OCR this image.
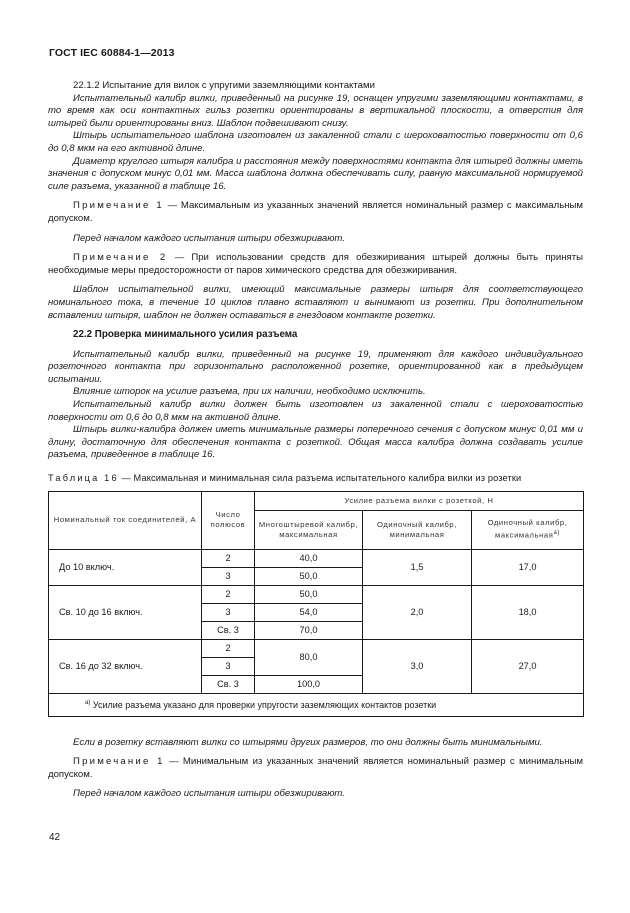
ГОСТ IEC 60884-1—2013

22.1.2 Испытание для вилок с упругими заземляющими контактами

Испытательный калибр вилки, приведенный на рисунке 19, оснащен упругими заземляющими контактами, в то время как оси контактных гильз розетки ориентированы в вертикальной плоскости, а отверстия для штырей были ориентированы вниз. Шаблон подвешивают снизу.

Штырь испытательного шаблона изготовлен из закаленной стали с шероховатостью поверхности от 0,6 до 0,8 мкм на его активной длине.

Диаметр круглого штыря калибра и расстояния между поверхностями контакта для штырей должны иметь значения с допуском минус 0,01 мм. Масса шаблона должна обеспечивать силу, равную максимальной нормируемой силе разъема, указанной в таблице 16.

Примечание 1 — Максимальным из указанных значений является номинальный размер с максимальным допуском.

Перед началом каждого испытания штыри обезжиривают.

Примечание 2 — При использовании средств для обезжиривания штырей должны быть приняты необходимые меры предосторожности от паров химического средства для обезжиривания.

Шаблон испытательной вилки, имеющий максимальные размеры штыря для соответствующего номинального тока, в течение 10 циклов плавно вставляют и вынимают из розетки. При дополнительном вставлении штыря, шаблон не должен оставаться в гнездовом контакте розетки.

22.2 Проверка минимального усилия разъема

Испытательный калибр вилки, приведенный на рисунке 19, применяют для каждого индивидуального розеточного контакта при горизонтально расположенной розетке, ориентированной как в предыдущем испытании.

Влияние шторок на усилие разъема, при их наличии, необходимо исключить.

Испытательный калибр вилки должен быть изготовлен из закаленной стали с шероховатостью поверхности от 0,6 до 0,8 мкм на активной длине.

Штырь вилки-калибра должен иметь минимальные размеры поперечного сечения с допуском минус 0,01 мм и длину, достаточную для обеспечения контакта с розеткой. Общая масса калибра должна создавать усилие разъема, приведенное в таблице 16.

Таблица 16 — Максимальная и минимальная сила разъема испытательного калибра вилки из розетки

Номинальный ток соединителей, А	Число полюсов	Усилие разъема вилки с розеткой, Н		
		Многоштыревой калибр, максимальная	Одиночный калибр, минимальная	Одиночный калибр, максимальная$^{а)}$
До 10 включ.	2	40,0	1,5	17,0
	3	50,0		
Св. 10 до 16 включ.	2	50,0	2,0	18,0
	3	54,0		
	Св. 3	70,0		
Св. 16 до 32 включ.	2	80,0	3,0	27,0
	3			
	Св. 3	100,0		
$^{а)}$ Усилие разъема указано для проверки упругости заземляющих контактов розетки				

Если в розетку вставляют вилки со штырями других размеров, то они должны быть минимальными.

Примечание 1 — Минимальным из указанных значений является номинальный размер с минимальным допуском.

Перед началом каждого испытания штыри обезжиривают.

42
